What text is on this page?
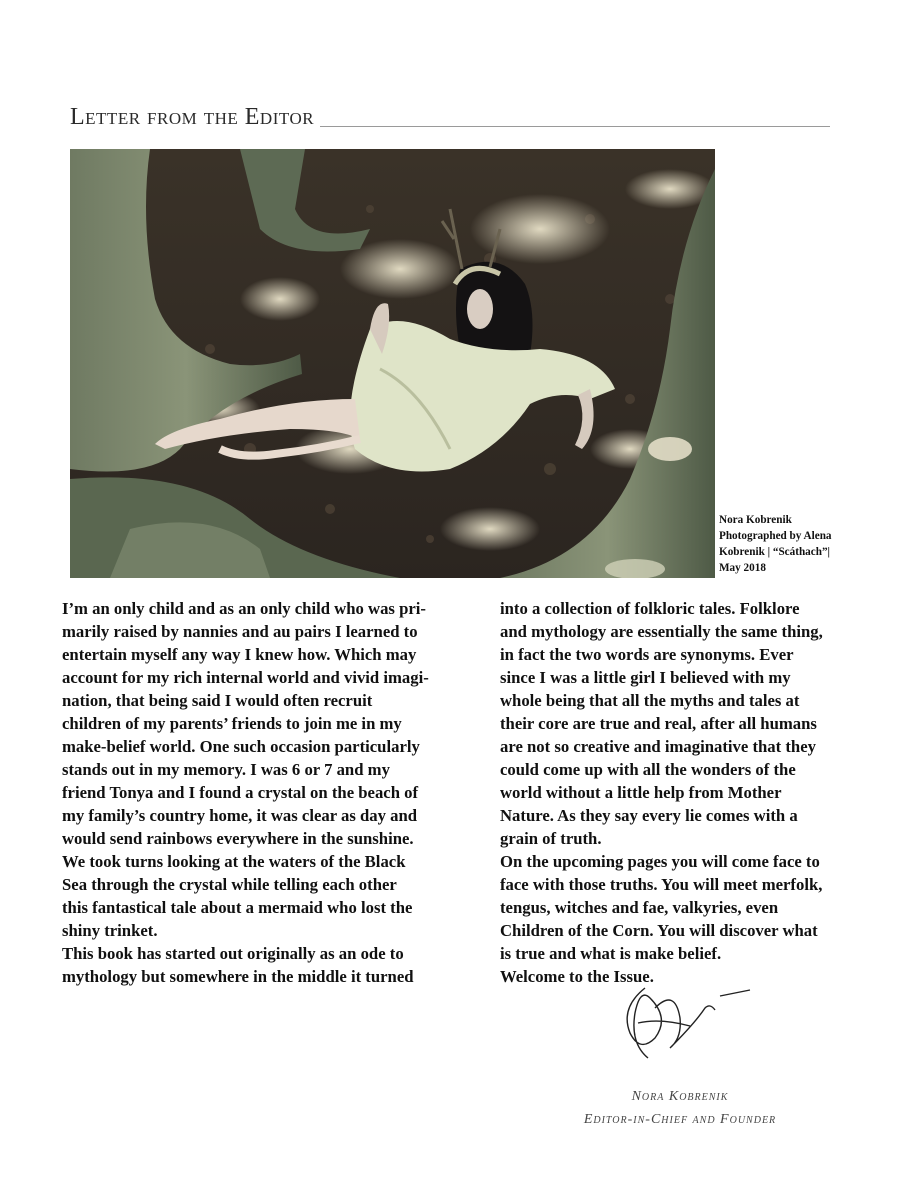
Letter from the Editor
Nora Kobrenik
Photographed by Alena
Kobrenik | “Scáthach”|
May 2018

I’m an only child and as an only child who was pri-
marily raised by nannies and au pairs I learned to
entertain myself any way I knew how. Which may
account for my rich internal world and vivid imagi-
nation, that being said I would often recruit
children of my parents’ friends to join me in my
make-belief world. One such occasion particularly
stands out in my memory. I was 6 or 7 and my
friend Tonya and I found a crystal on the beach of
my family’s country home, it was clear as day and
would send rainbows everywhere in the sunshine.
We took turns looking at the waters of the Black
Sea through the crystal while telling each other
this fantastical tale about a mermaid who lost the
shiny trinket.
This book has started out originally as an ode to
mythology but somewhere in the middle it turned

into a collection of folkloric tales. Folklore
and mythology are essentially the same thing,
in fact the two words are synonyms. Ever
since I was a little girl I believed with my
whole being that all the myths and tales at
their core are true and real, after all humans
are not so creative and imaginative that they
could come up with all the wonders of the
world without a little help from Mother
Nature. As they say every lie comes with a
grain of truth.
On the upcoming pages you will come face to
face with those truths. You will meet merfolk,
tengus, witches and fae, valkyries, even
Children of the Corn. You will discover what
is true and what is make belief.
Welcome to the Issue.

Nora Kobrenik
Editor-in-Chief and Founder
